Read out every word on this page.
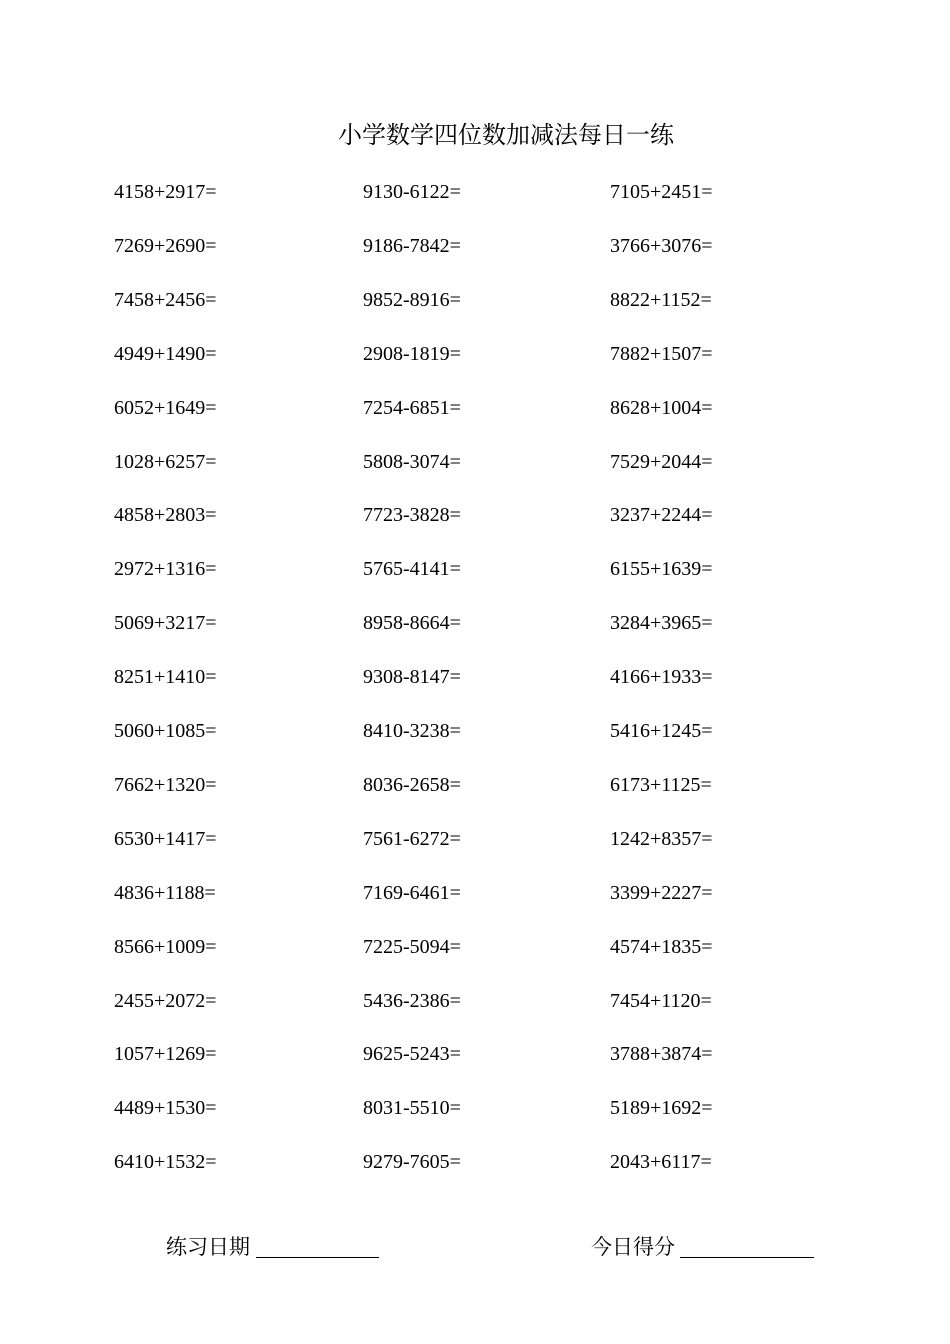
小学数学四位数加减法每日一练
4158+2917=
7269+2690=
7458+2456=
4949+1490=
6052+1649=
1028+6257=
4858+2803=
2972+1316=
5069+3217=
8251+1410=
5060+1085=
7662+1320=
6530+1417=
4836+1188=
8566+1009=
2455+2072=
1057+1269=
4489+1530=
6410+1532=
9130-6122=
9186-7842=
9852-8916=
2908-1819=
7254-6851=
5808-3074=
7723-3828=
5765-4141=
8958-8664=
9308-8147=
8410-3238=
8036-2658=
7561-6272=
7169-6461=
7225-5094=
5436-2386=
9625-5243=
8031-5510=
9279-7605=
7105+2451=
3766+3076=
8822+1152=
7882+1507=
8628+1004=
7529+2044=
3237+2244=
6155+1639=
3284+3965=
4166+1933=
5416+1245=
6173+1125=
1242+8357=
3399+2227=
4574+1835=
7454+1120=
3788+3874=
5189+1692=
2043+6117=
练习日期	今日得分
